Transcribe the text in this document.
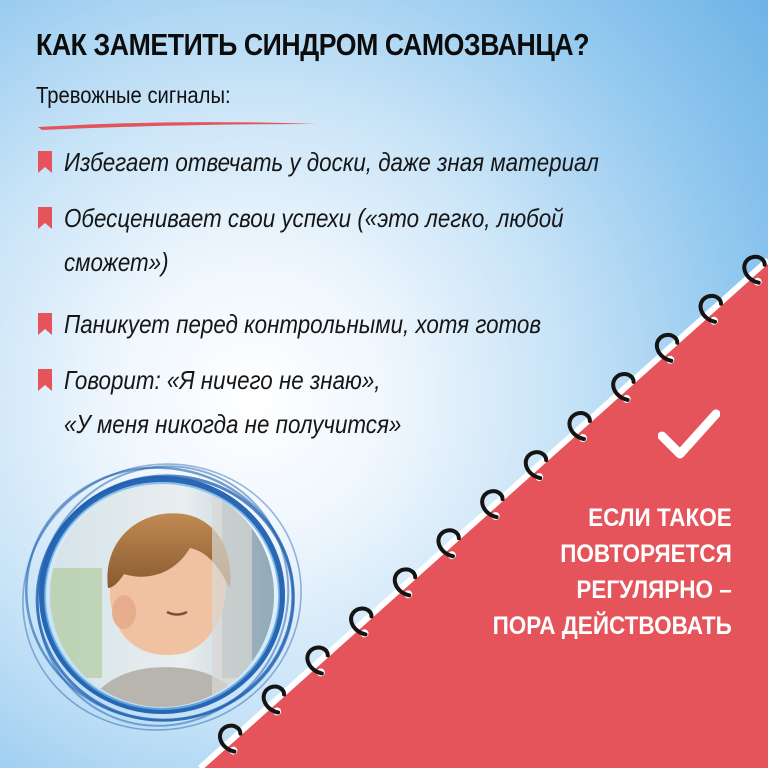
КАК ЗАМЕТИТЬ СИНДРОМ САМОЗВАНЦА?
Тревожные сигналы:
Избегает отвечать у доски, даже зная материал
Обесценивает свои успехи («это легко, любой
сможет»)
Паникует перед контрольными, хотя готов
Говорит: «Я ничего не знаю»,
«У меня никогда не получится»
ЕСЛИ ТАКОЕ
ПОВТОРЯЕТСЯ
РЕГУЛЯРНО –
ПОРА ДЕЙСТВОВАТЬ
